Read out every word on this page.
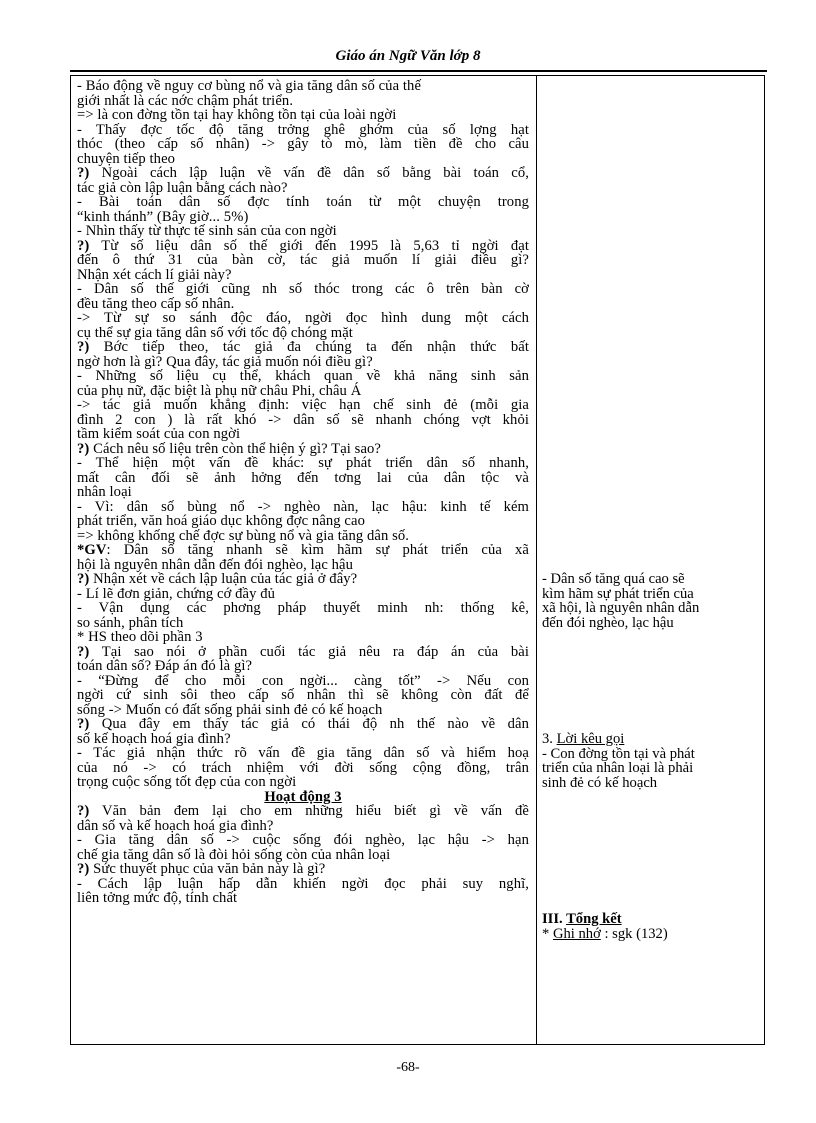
Giáo án Ngữ Văn lớp 8
- Báo động về nguy cơ bùng nổ và gia tăng dân số của thế
giới nhất là các nớc chậm phát triển.
=> là con đờng tồn tại hay không tồn tại của loài ngời
- Thấy đợc tốc độ tăng trởng ghê ghớm của số lợng hạt
thóc (theo cấp số nhân) -> gây tò mò, làm tiền đề cho câu
chuyện tiếp theo
?) Ngoài cách lập luận về vấn đề dân số bằng bài toán cổ,
tác giả còn lập luận bằng cách nào?
- Bài toán dân số đợc tính toán từ một chuyện trong
“kinh thánh” (Bây giờ... 5%)
- Nhìn thấy từ thực tế sinh sản của con ngời
?) Từ số liệu dân số thế giới đến 1995 là 5,63 tỉ ngời đạt
đến ô thứ 31 của bàn cờ, tác giả muốn lí giải điều gì?
Nhận xét cách lí giải này?
- Dân số thế giới cũng nh số thóc trong các ô trên bàn cờ
đều tăng theo cấp số nhân.
-> Từ sự so sánh độc đáo, ngời đọc hình dung một cách
cụ thể sự gia tăng dân số với tốc độ chóng mặt
?) Bớc tiếp theo, tác giả đa chúng ta đến nhận thức bất
ngờ hơn là gì? Qua đây, tác giả muốn nói điều gì?
- Những số liệu cụ thể, khách quan về khả năng sinh sản
của phụ nữ, đặc biệt là phụ nữ châu Phi, châu Á
-> tác giả muốn khẳng định: việc hạn chế sinh đẻ (mỗi gia
đình 2 con ) là rất khó -> dân số sẽ nhanh chóng vợt khỏi
tầm kiểm soát của con ngời
?) Cách nêu số liệu trên còn thể hiện ý gì? Tại sao?
- Thể hiện một vấn đề khác: sự phát triển dân số nhanh,
mất cân đối sẽ ảnh hởng đến tơng lai của dân tộc và
nhân loại
- Vì: dân số bùng nổ -> nghèo nàn, lạc hậu: kinh tế kém
phát triển, văn hoá giáo dục không đợc nâng cao
=> không khống chế đợc sự bùng nổ và gia tăng dân số.
*GV: Dân số tăng nhanh sẽ kìm hãm sự phát triển của xã
hội là nguyên nhân dẫn đến đói nghèo, lạc hậu
?) Nhận xét về cách lập luận của tác giả ở đây?
- Lí lẽ đơn giản, chứng cớ đầy đủ
- Vận dụng các phơng pháp thuyết minh nh: thống kê,
so sánh, phân tích
* HS theo dõi phần 3
?) Tại sao nói ở phần cuối tác giả nêu ra đáp án của bài
toán dân số? Đáp án đó là gì?
- “Đừng để cho mỗi con ngời... càng tốt” -> Nếu con
ngời cứ sinh sôi theo cấp số nhân thì sẽ không còn đất để
sống -> Muốn có đất sống phải sinh đẻ có kế hoạch
?) Qua đây em thấy tác giả có thái độ nh thế nào về dân
số kế hoạch hoá gia đình?
- Tác giả nhận thức rõ vấn đề gia tăng dân số và hiểm hoạ
của nó -> có trách nhiệm với đời sống cộng đồng, trân
trọng cuộc sống tốt đẹp của con ngời
Hoạt động 3
?) Văn bản đem lại cho em những hiểu biết gì về vấn đề
dân số và kế hoạch hoá gia đình?
- Gia tăng dân số -> cuộc sống đói nghèo, lạc hậu -> hạn
chế gia tăng dân số là đòi hỏi sống còn của nhân loại
?) Sức thuyết phục của văn bản này là gì?
- Cách lập luận hấp dẫn khiến ngời đọc phải suy nghĩ,
liên tởng mức độ, tính chất
- Dân số tăng quá cao sẽ
kìm hãm sự phát triển của
xã hội, là nguyên nhân dẫn
đến đói nghèo, lạc hậu
3. Lời kêu gọi
- Con đờng tồn tại và phát
triển của nhân loại là phải
sinh đẻ có kế hoạch
III. Tổng kết
* Ghi nhớ : sgk (132)
-68-
